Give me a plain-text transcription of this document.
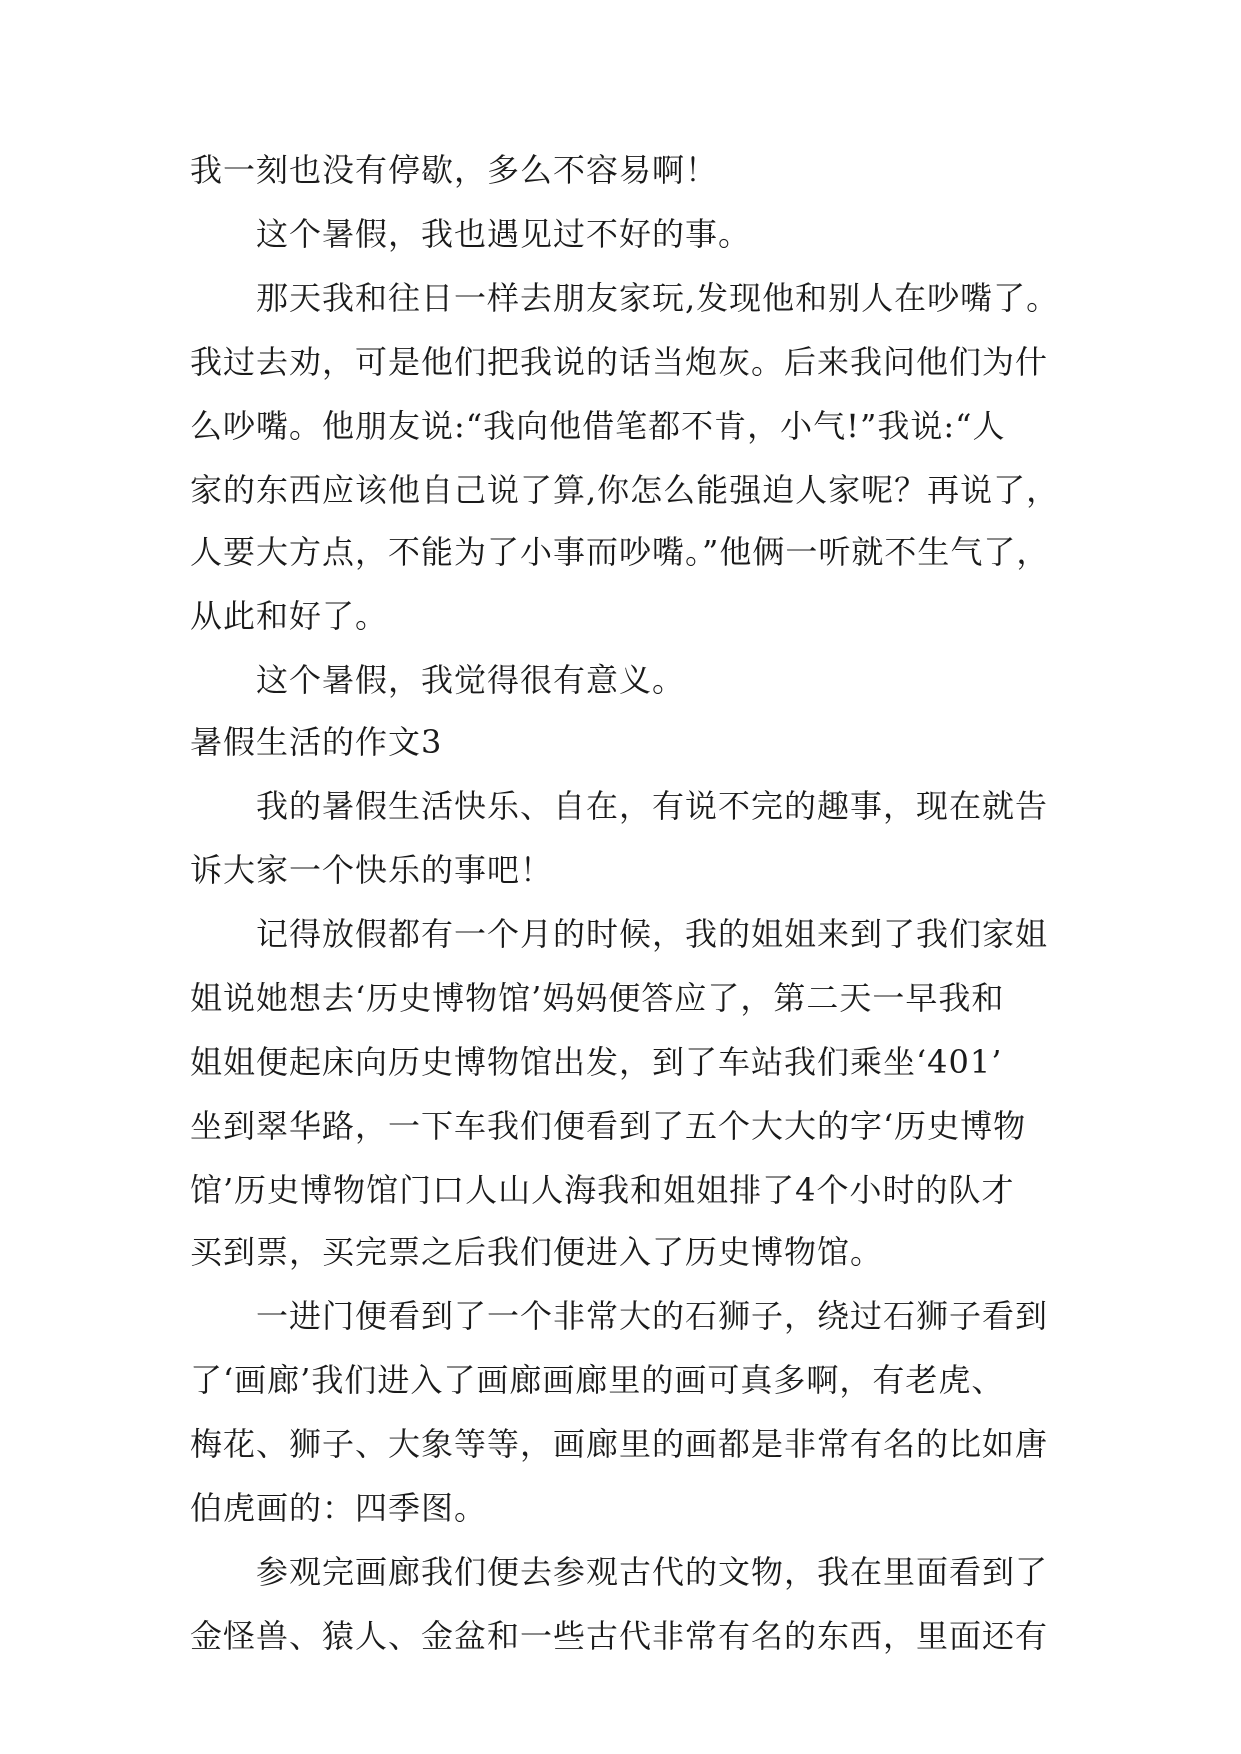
我一刻也没有停歇，多么不容易啊！
这个暑假，我也遇见过不好的事。
那天我和往日一样去朋友家玩,发现他和别人在吵嘴了。
我过去劝，可是他们把我说的话当炮灰。后来我问他们为什
么吵嘴。他朋友说:“我向他借笔都不肯，小气!”我说:“人
家的东西应该他自己说了算,你怎么能强迫人家呢？再说了，
人要大方点，不能为了小事而吵嘴。”他俩一听就不生气了，
从此和好了。
这个暑假，我觉得很有意义。
暑假生活的作文3
我的暑假生活快乐、自在，有说不完的趣事，现在就告
诉大家一个快乐的事吧！
记得放假都有一个月的时候，我的姐姐来到了我们家姐
姐说她想去‘历史博物馆’妈妈便答应了，第二天一早我和
姐姐便起床向历史博物馆出发，到了车站我们乘坐‘401’
坐到翠华路，一下车我们便看到了五个大大的字‘历史博物
馆’历史博物馆门口人山人海我和姐姐排了4个小时的队才
买到票，买完票之后我们便进入了历史博物馆。
一进门便看到了一个非常大的石狮子，绕过石狮子看到
了‘画廊’我们进入了画廊画廊里的画可真多啊，有老虎、
梅花、狮子、大象等等，画廊里的画都是非常有名的比如唐
伯虎画的：四季图。
参观完画廊我们便去参观古代的文物，我在里面看到了
金怪兽、猿人、金盆和一些古代非常有名的东西，里面还有
